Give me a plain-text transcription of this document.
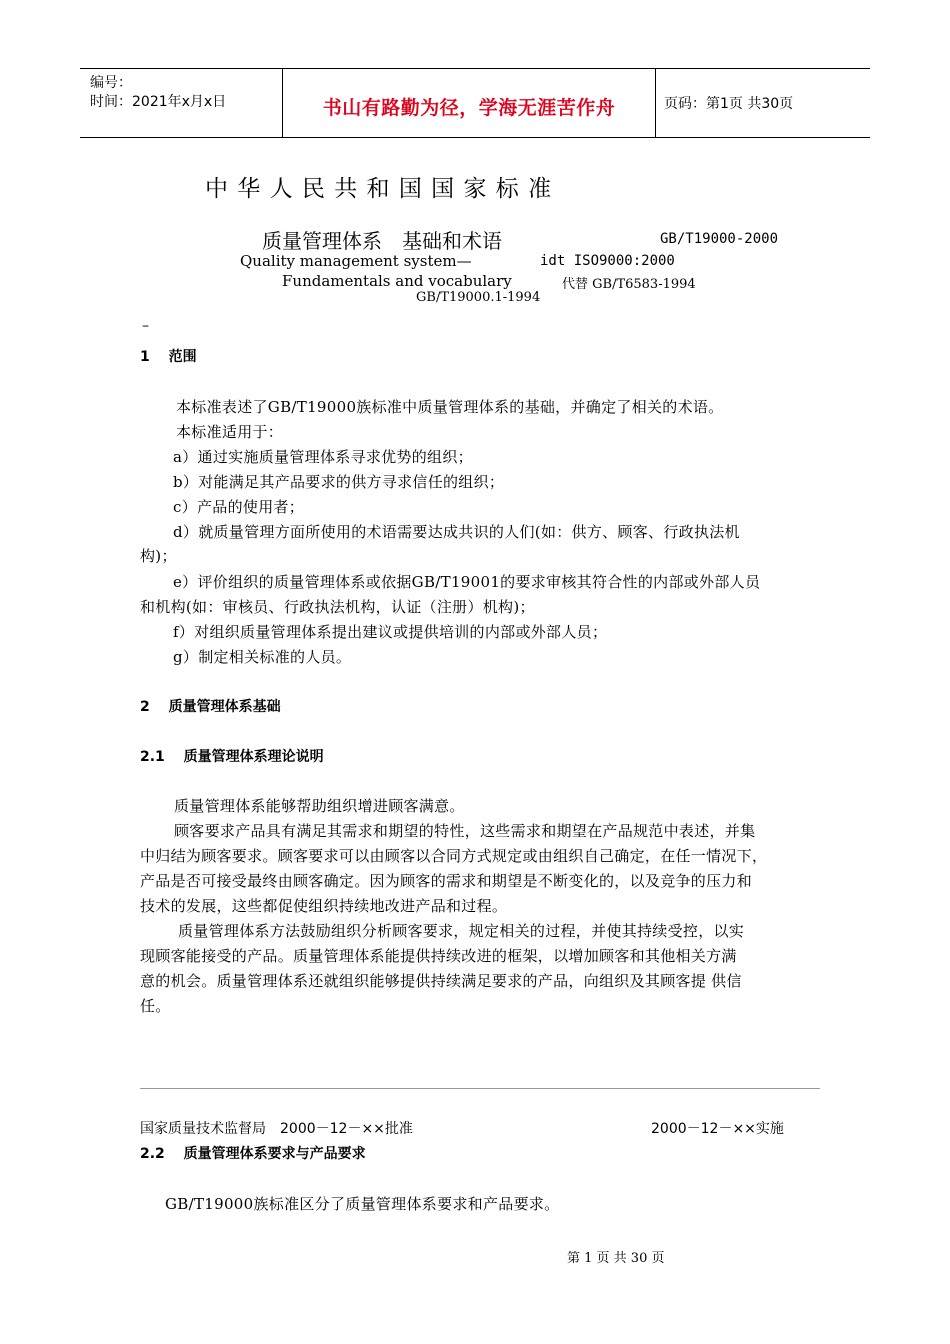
编号：
时间：2021年x月x日	书山有路勤为径，学海无涯苦作舟	页码：第1页 共30页
中 华 人 民 共 和 国 国 家 标 准
质量管理体系　基础和术语	GB/T19000-2000
Quality management system—	idt ISO9000:2000
Fundamentals and vocabulary	代替 GB/T6583-1994
GB/T19000.1-1994
–
1　 范围
本标准表述了GB/T19000族标准中质量管理体系的基础，并确定了相关的术语。
本标准适用于：
a）通过实施质量管理体系寻求优势的组织；
b）对能满足其产品要求的供方寻求信任的组织；
c）产品的使用者；
d）就质量管理方面所使用的术语需要达成共识的人们(如：供方、顾客、行政执法机
构)；
e）评价组织的质量管理体系或依据GB/T19001的要求审核其符合性的内部或外部人员
和机构(如：审核员、行政执法机构，认证（注册）机构)；
f）对组织质量管理体系提出建议或提供培训的内部或外部人员；
g）制定相关标准的人员。
2　 质量管理体系基础
2.1　 质量管理体系理论说明
质量管理体系能够帮助组织增进顾客满意。
顾客要求产品具有满足其需求和期望的特性，这些需求和期望在产品规范中表述，并集
中归结为顾客要求。顾客要求可以由顾客以合同方式规定或由组织自己确定，在任一情况下，
产品是否可接受最终由顾客确定。因为顾客的需求和期望是不断变化的，以及竞争的压力和
技术的发展，这些都促使组织持续地改进产品和过程。
质量管理体系方法鼓励组织分析顾客要求，规定相关的过程，并使其持续受控，以实
现顾客能接受的产品。质量管理体系能提供持续改进的框架，以增加顾客和其他相关方满
意的机会。质量管理体系还就组织能够提供持续满足要求的产品，向组织及其顾客提 供信
任。
国家质量技术监督局　2000－12－××批准	2000－12－××实施
2.2　 质量管理体系要求与产品要求
GB/T19000族标准区分了质量管理体系要求和产品要求。
第 1 页 共 30 页
